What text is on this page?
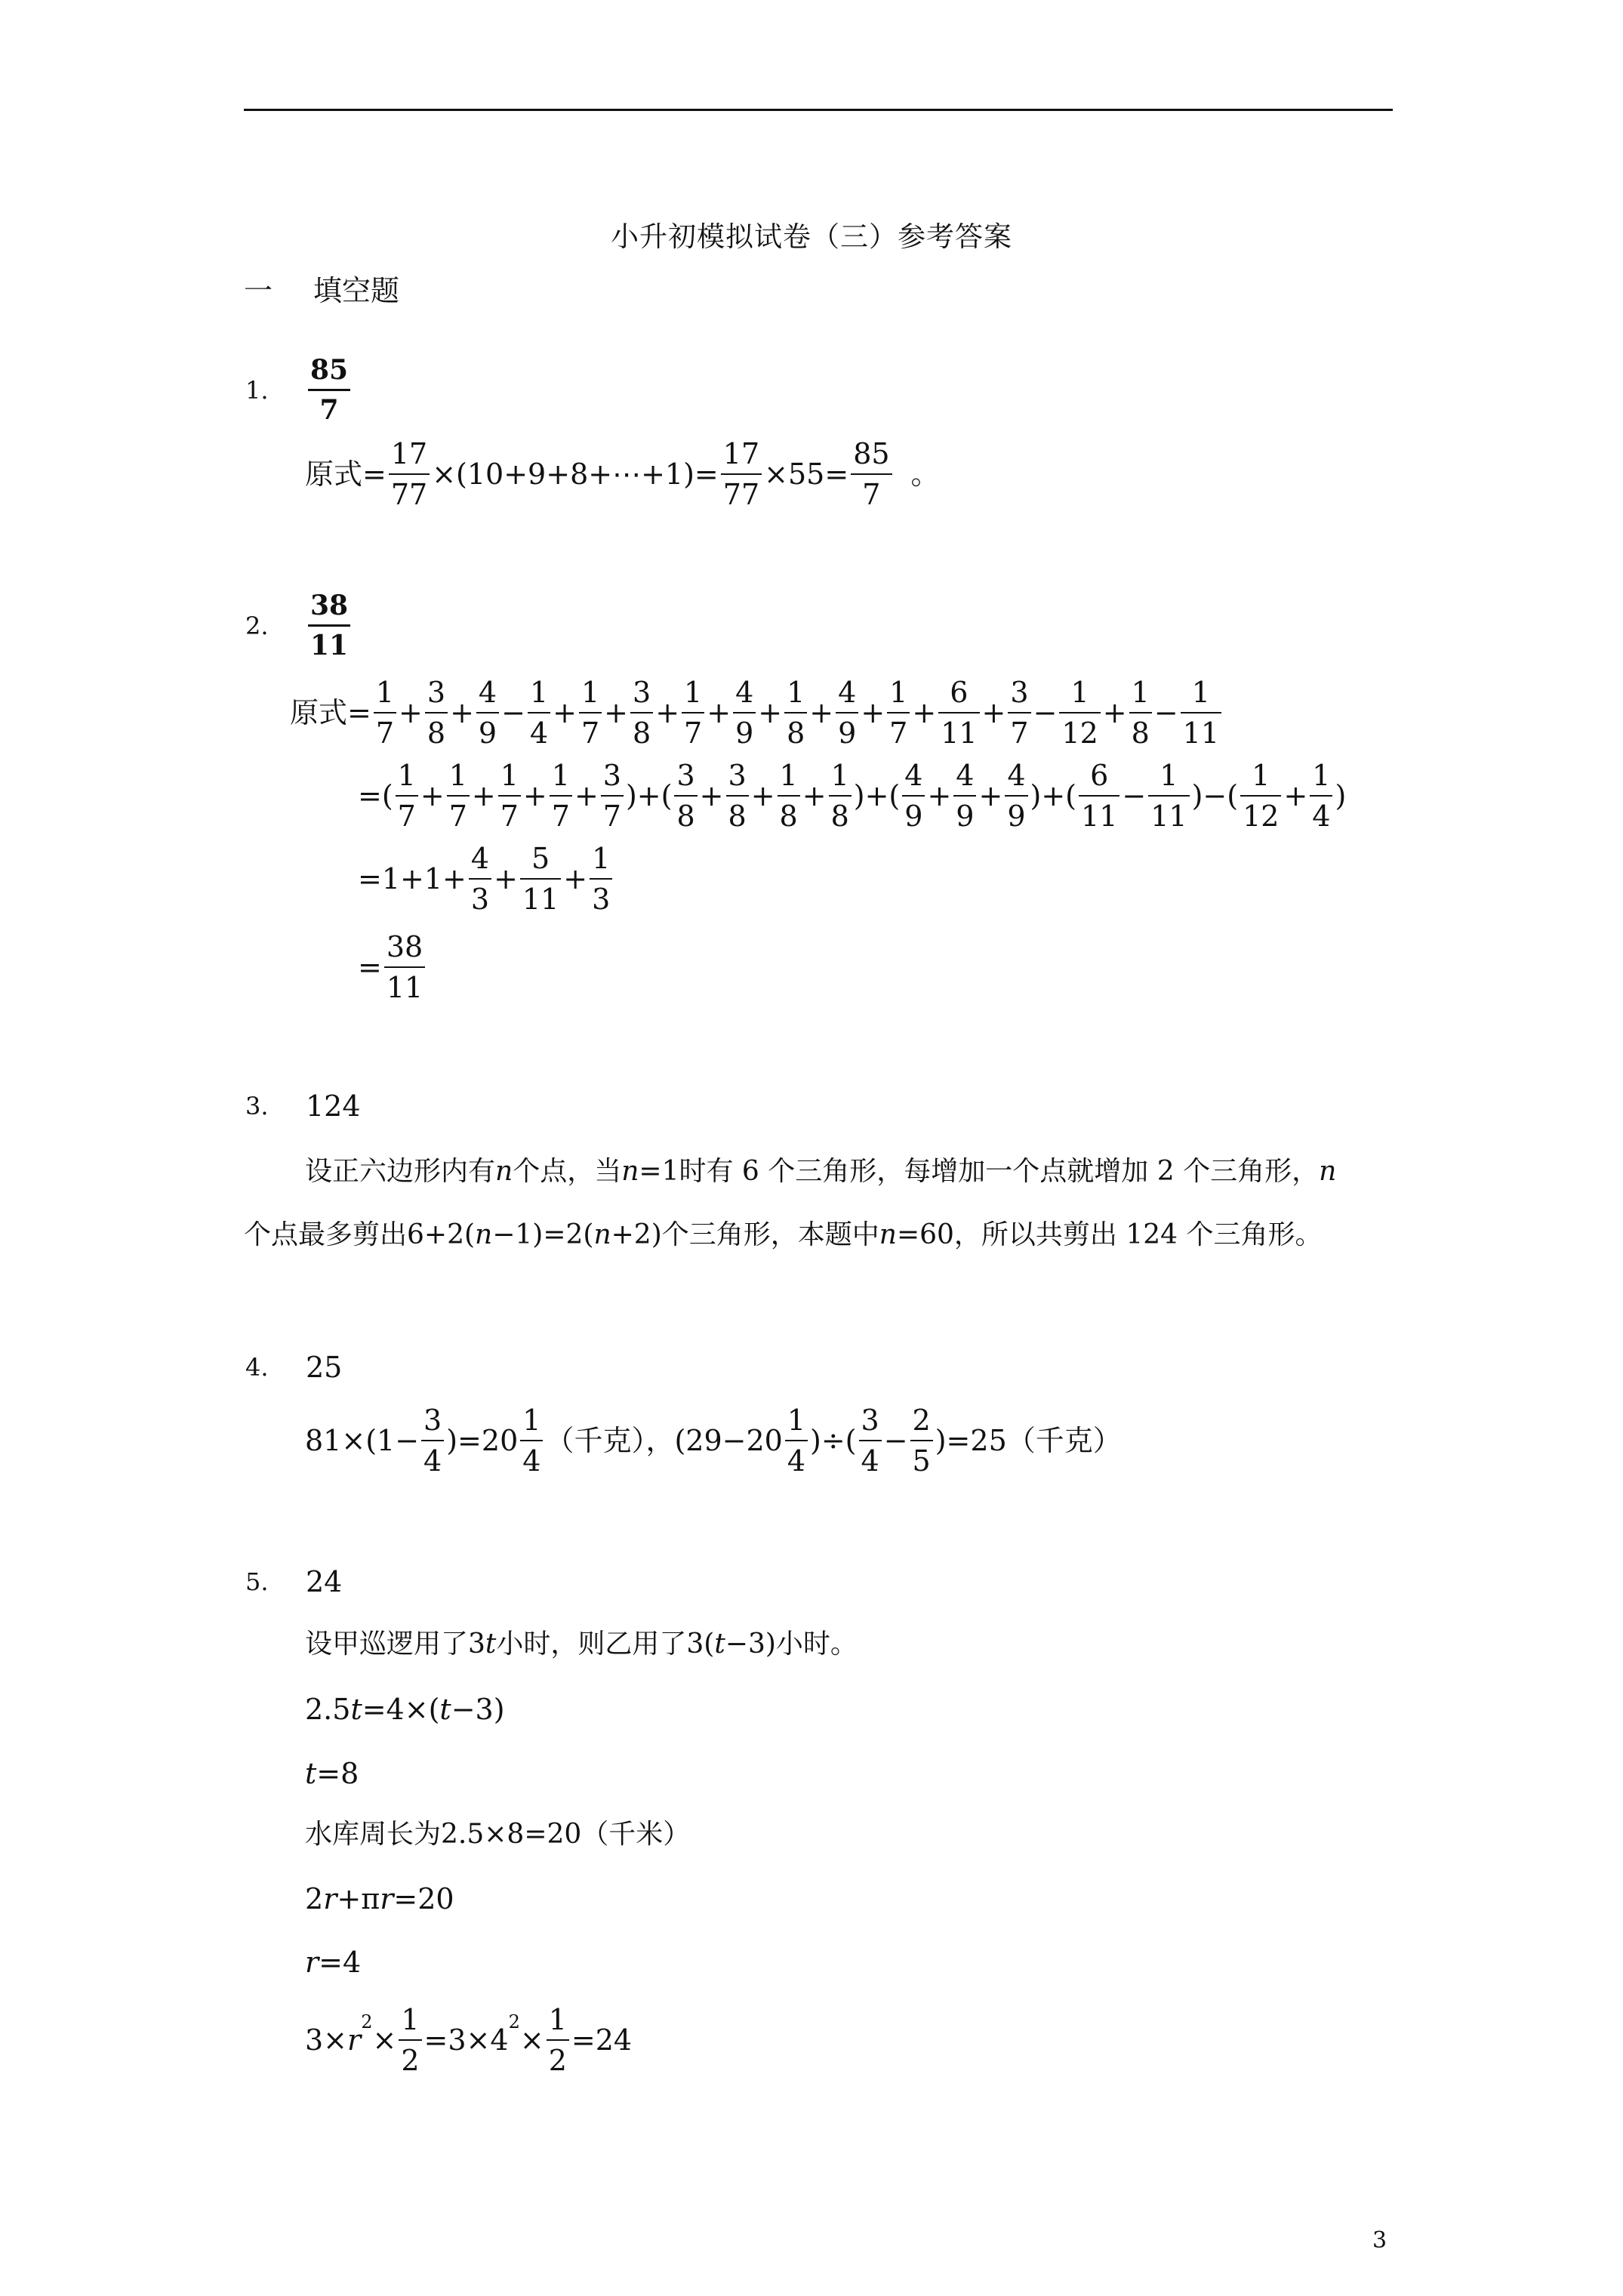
小升初模拟试卷（三）参考答案
一 填空题
1.	$\frac{85}{7}$
原式= $\frac{17}{77}$ ×(10+9+8+⋯+1)= $\frac{17}{77} \times 55= \frac{85}{7}$ 。
2.	$\frac{38}{11}$
原式= $\frac{1}{7} + \frac{3}{8} + \frac{4}{9} - \frac{1}{4} + \frac{1}{7} + \frac{3}{8} + \frac{1}{7} + \frac{4}{9} + \frac{1}{8} + \frac{4}{9} + \frac{1}{7} + \frac{6}{11} + \frac{3}{7} - \frac{1}{12} + \frac{1}{8} - \frac{1}{11}$
=( $\frac{1}{7} + \frac{1}{7} + \frac{1}{7} + \frac{1}{7} + \frac{3}{7}$ )+( $\frac{3}{8} + \frac{3}{8} + \frac{1}{8} + \frac{1}{8}$ )+( $\frac{4}{9} + \frac{4}{9} + \frac{4}{9}$ )+( $\frac{6}{11} - \frac{1}{11}$ )−( $\frac{1}{12} + \frac{1}{4}$ )
$=1+1+ \frac{4}{3} + \frac{5}{11} + \frac{1}{3}$
= $\frac{38}{11}$
3.	124
设正六边形内有 n 个点，当 n =1 时有 6 个三角形，每增加一个点就增加 2 个三角形， n
个点最多剪出6+2( n −1)=2( n +2)个三角形，本题中 n =60，所以共剪出 124 个三角形。
4.	25
$81\times(1- \frac{3}{4} )=20 \frac{1}{4}$ （千克），($29-20 \frac{1}{4}$ )÷( $\frac{3}{4} - \frac{2}{5} )=25$（千克）
5.	24
设甲巡逻用了3 t 小时，则乙用了3( t −3)小时。
2.5 t =4×( t −3)
t =8
水库周长为2.5×8=20（千米）
2 r +π r =20
r =4
3× r
$^2$
× $\frac{1}{2} =3\times 4$
$^2$
× $\frac{1}{2} =24$
3
